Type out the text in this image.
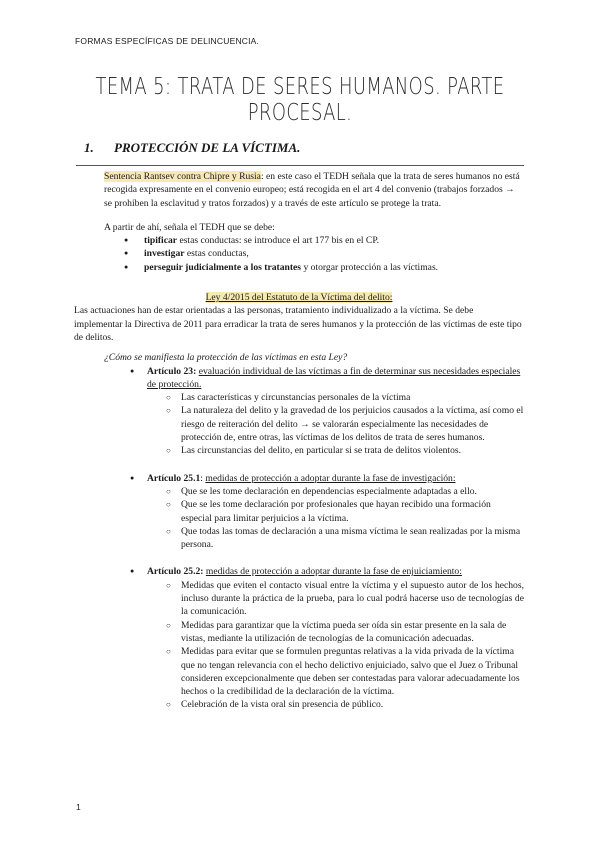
FORMAS ESPECÍFICAS DE DELINCUENCIA.
TEMA 5: TRATA DE SERES HUMANOS. PARTE PROCESAL.
1. PROTECCIÓN DE LA VÍCTIMA.

Sentencia Rantsev contra Chipre y Rusia: en este caso el TEDH señala que la trata de seres humanos no está recogida expresamente en el convenio europeo; está recogida en el art 4 del convenio (trabajos forzados → se prohíben la esclavitud y tratos forzados) y a través de este artículo se protege la trata.

A partir de ahí, señala el TEDH que se debe:

● tipificar estas conductas: se introduce el art 177 bis en el CP.
● investigar estas conductas,
● perseguir judicialmente a los tratantes y otorgar protección a las víctimas.

Ley 4/2015 del Estatuto de la Víctima del delito:

Las actuaciones han de estar orientadas a las personas, tratamiento individualizado a la víctima. Se debe implementar la Directiva de 2011 para erradicar la trata de seres humanos y la protección de las víctimas de este tipo de delitos.

¿Cómo se manifiesta la protección de las víctimas en esta Ley?

● Artículo 23: evaluación individual de las víctimas a fin de determinar sus necesidades especiales de protección.

○ Las características y circunstancias personales de la víctima
○ La naturaleza del delito y la gravedad de los perjuicios causados a la víctima, así como el riesgo de reiteración del delito → se valorarán especialmente las necesidades de protección de, entre otras, las víctimas de los delitos de trata de seres humanos.
○ Las circunstancias del delito, en particular si se trata de delitos violentos.

● Artículo 25.1: medidas de protección a adoptar durante la fase de investigación:

○ Que se les tome declaración en dependencias especialmente adaptadas a ello.
○ Que se les tome declaración por profesionales que hayan recibido una formación especial para limitar perjuicios a la víctima.
○ Que todas las tomas de declaración a una misma víctima le sean realizadas por la misma persona.

● Artículo 25.2: medidas de protección a adoptar durante la fase de enjuiciamiento:

○ Medidas que eviten el contacto visual entre la víctima y el supuesto autor de los hechos, incluso durante la práctica de la prueba, para lo cual podrá hacerse uso de tecnologías de la comunicación.
○ Medidas para garantizar que la víctima pueda ser oída sin estar presente en la sala de vistas, mediante la utilización de tecnologías de la comunicación adecuadas.
○ Medidas para evitar que se formulen preguntas relativas a la vida privada de la víctima que no tengan relevancia con el hecho delictivo enjuiciado, salvo que el Juez o Tribunal consideren excepcionalmente que deben ser contestadas para valorar adecuadamente los hechos o la credibilidad de la declaración de la víctima.
○ Celebración de la vista oral sin presencia de público.
1
